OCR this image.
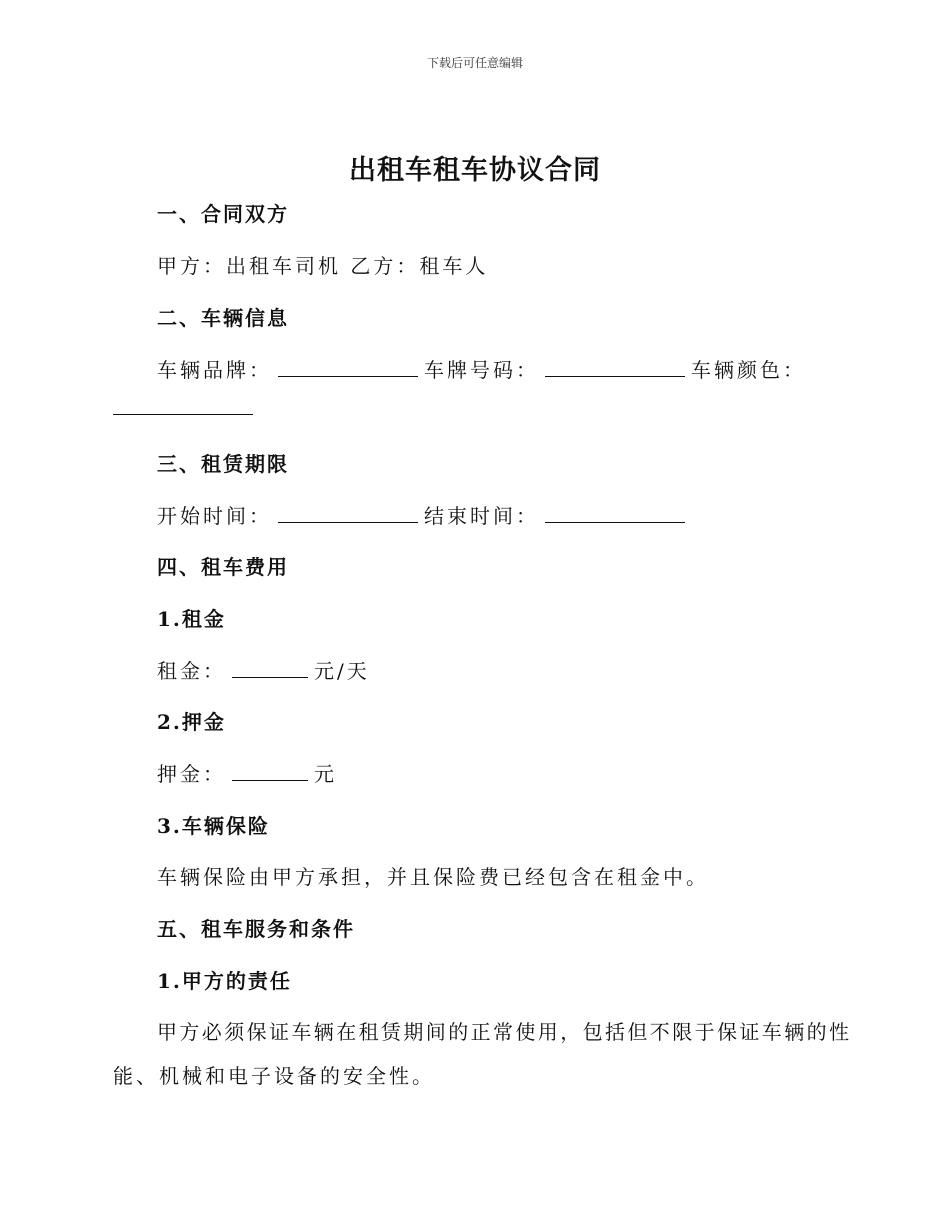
下载后可任意编辑
出租车租车协议合同
一、合同双方
甲方：出租车司机 乙方：租车人
二、车辆信息
车辆品牌：	车牌号码：	车辆颜色：
三、租赁期限
开始时间：	结束时间：
四、租车费用
1.租金
租金：	元/天
2.押金
押金：	元
3.车辆保险
车辆保险由甲方承担，并且保险费已经包含在租金中。
五、租车服务和条件
1.甲方的责任
甲方必须保证车辆在租赁期间的正常使用，包括但不限于保证车辆的性
能、机械和电子设备的安全性。
